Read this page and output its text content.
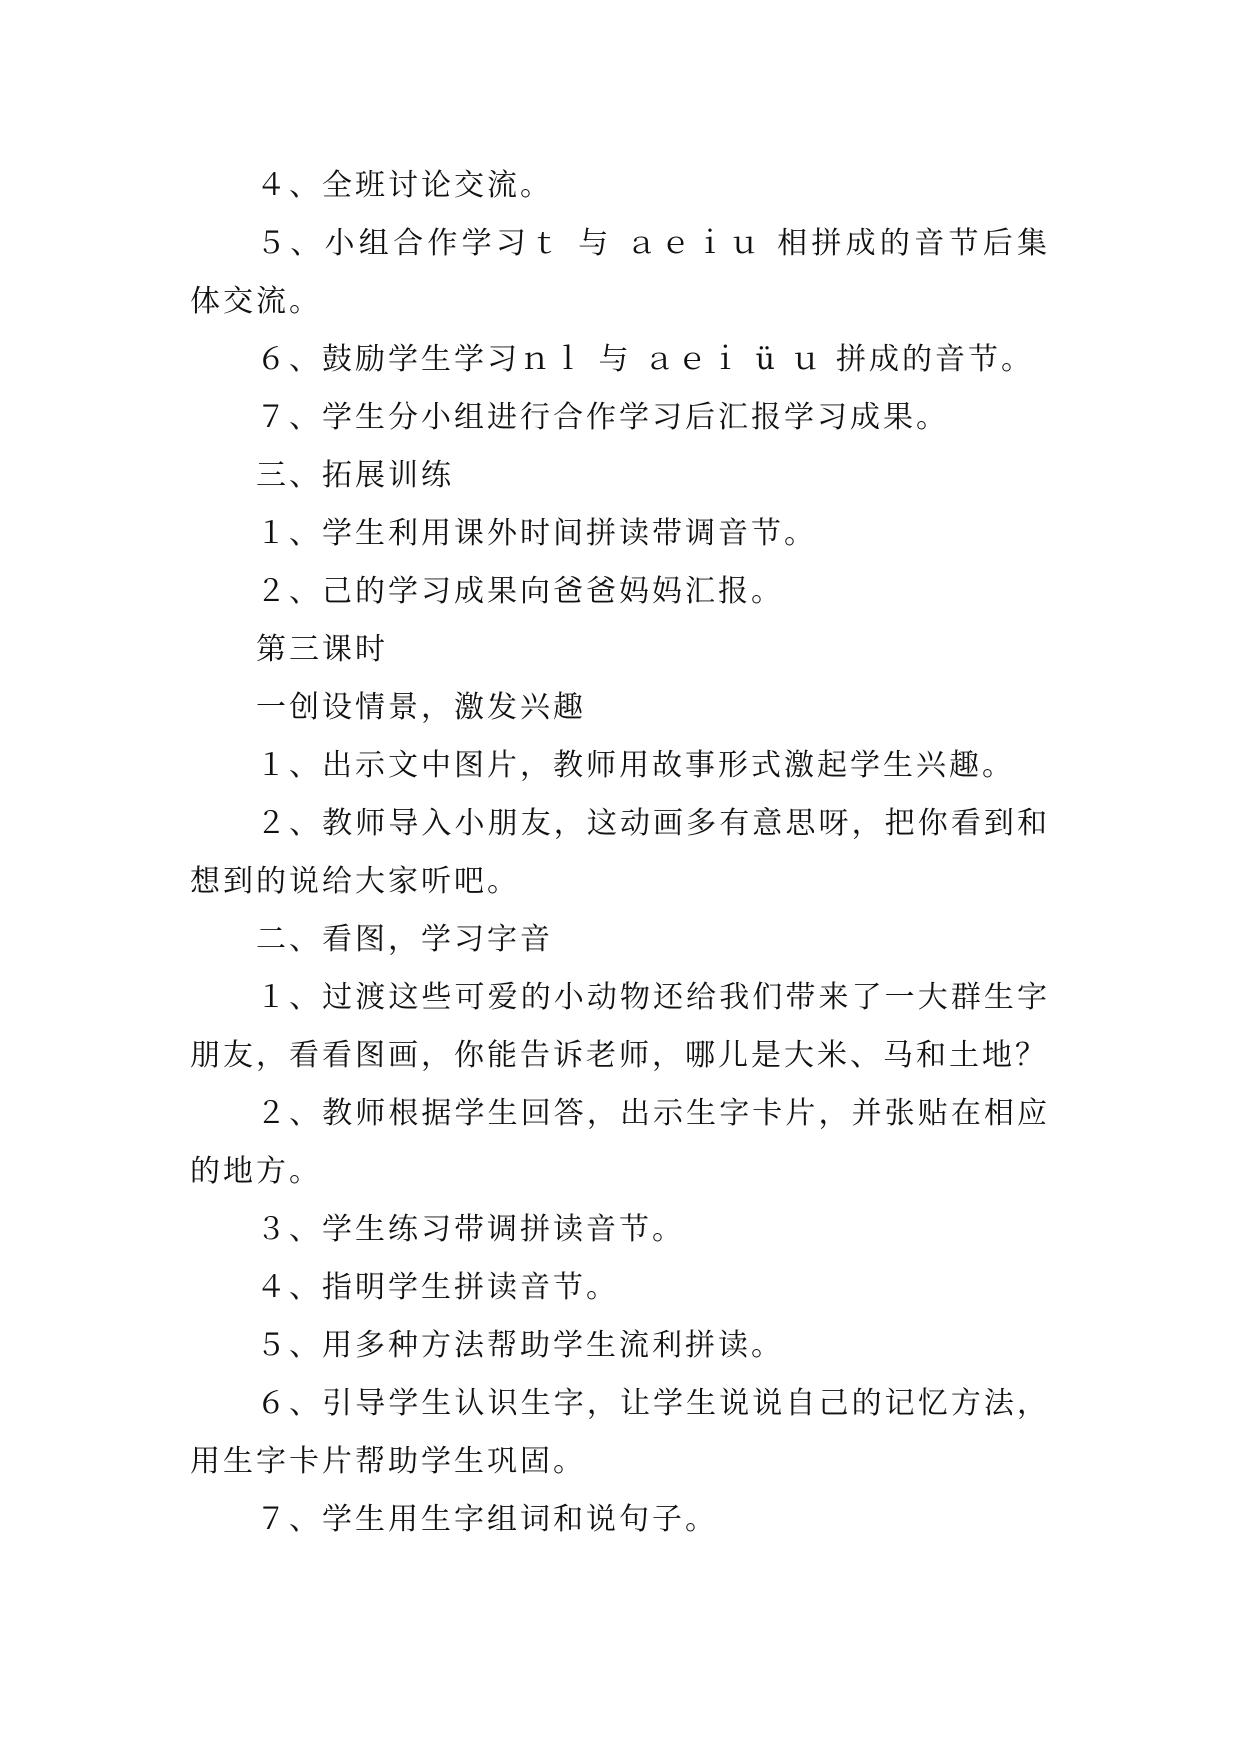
４、全班讨论交流。

５、小组合作学习ｔ 与 ａｅｉｕ 相拼成的音节后集体交流。

６、鼓励学生学习ｎｌ 与 ａｅｉ ü ｕ 拼成的音节。

７、学生分小组进行合作学习后汇报学习成果。

三、拓展训练

１、学生利用课外时间拼读带调音节。

２、己的学习成果向爸爸妈妈汇报。

第三课时

一创设情景，激发兴趣

１、出示文中图片，教师用故事形式激起学生兴趣。

２、教师导入小朋友，这动画多有意思呀，把你看到和想到的说给大家听吧。

二、看图，学习字音

１、过渡这些可爱的小动物还给我们带来了一大群生字朋友，看看图画，你能告诉老师，哪儿是大米、马和土地？

２、教师根据学生回答，出示生字卡片，并张贴在相应的地方。

３、学生练习带调拼读音节。

４、指明学生拼读音节。

５、用多种方法帮助学生流利拼读。

６、引导学生认识生字，让学生说说自己的记忆方法，用生字卡片帮助学生巩固。

７、学生用生字组词和说句子。
